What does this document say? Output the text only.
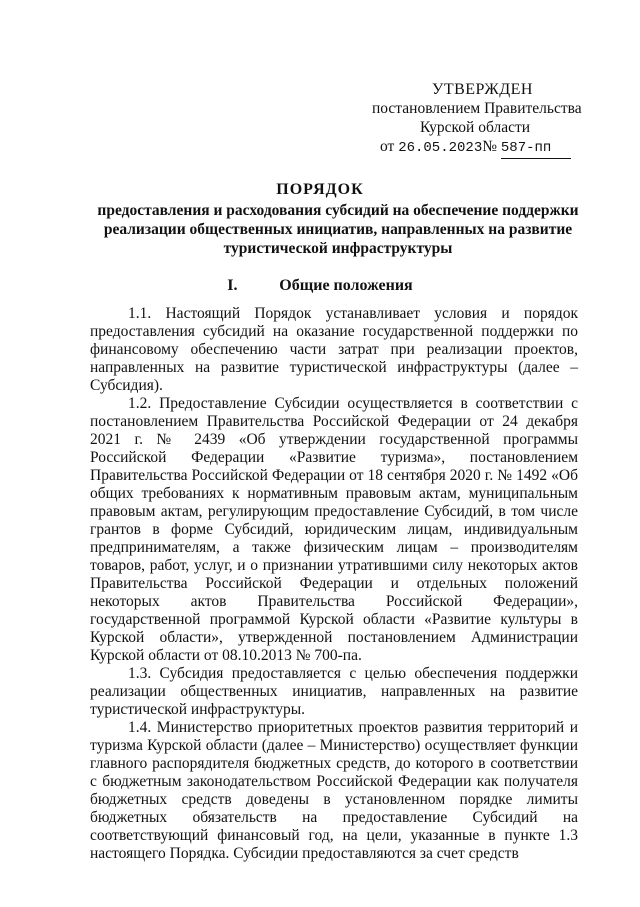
УТВЕРЖДЕН
постановлением Правительства
Курской области
от 26.05.2023№ 587-пп
ПОРЯДОК
предоставления и расходования субсидий на обеспечение поддержки реализации общественных инициатив, направленных на развитие туристической инфраструктуры
I.	Общие положения

1.1. Настоящий Порядок устанавливает условия и порядок предоставления субсидий на оказание государственной поддержки по финансовому обеспечению части затрат при реализации проектов, направленных на развитие туристической инфраструктуры (далее – Субсидия).

1.2. Предоставление Субсидии осуществляется в соответствии с постановлением Правительства Российской Федерации от 24 декабря 2021 г. № 2439 «Об утверждении государственной программы Российской Федерации «Развитие туризма», постановлением Правительства Российской Федерации от 18 сентября 2020 г. № 1492 «Об общих требованиях к нормативным правовым актам, муниципальным правовым актам, регулирующим предоставление Субсидий, в том числе грантов в форме Субсидий, юридическим лицам, индивидуальным предпринимателям, а также физическим лицам – производителям товаров, работ, услуг, и о признании утратившими силу некоторых актов Правительства Российской Федерации и отдельных положений некоторых актов Правительства Российской Федерации», государственной программой Курской области «Развитие культуры в Курской области», утвержденной постановлением Администрации Курской области от 08.10.2013 № 700-па.

1.3. Субсидия предоставляется с целью обеспечения поддержки реализации общественных инициатив, направленных на развитие туристической инфраструктуры.

1.4. Министерство приоритетных проектов развития территорий и туризма Курской области (далее – Министерство) осуществляет функции главного распорядителя бюджетных средств, до которого в соответствии с бюджетным законодательством Российской Федерации как получателя бюджетных средств доведены в установленном порядке лимиты бюджетных обязательств на предоставление Субсидий на соответствующий финансовый год, на цели, указанные в пункте 1.3 настоящего Порядка. Субсидии предоставляются за счет средств
